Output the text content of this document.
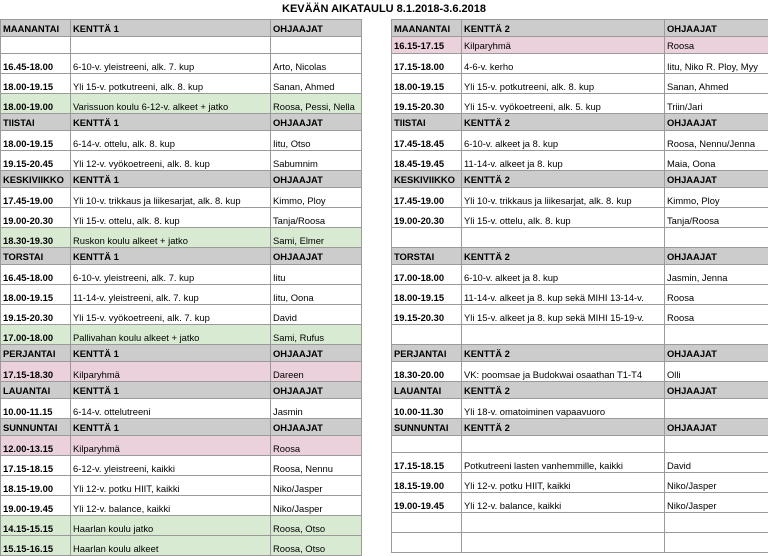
KEVÄÄN AIKATAULU 8.1.2018-3.6.2018
MAANANTAI	KENTTÄ 1	OHJAAJAT

16.45-18.00	6-10-v. yleistreeni, alk. 7. kup	Arto, Nicolas
18.00-19.15	Yli 15-v. potkutreeni, alk. 8. kup	Sanan, Ahmed
18.00-19.00	Varissuon koulu 6-12-v. alkeet + jatko	Roosa, Pessi, Nella
TIISTAI	KENTTÄ 1	OHJAAJAT
18.00-19.15	6-14-v. ottelu, alk. 8. kup	Iitu, Otso
19.15-20.45	Yli 12-v. vyökoetreeni, alk. 8. kup	Sabumnim
KESKIVIIKKO	KENTTÄ 1	OHJAAJAT
17.45-19.00	Yli 10-v. trikkaus ja liikesarjat, alk. 8. kup	Kimmo, Ploy
19.00-20.30	Yli 15-v. ottelu, alk. 8. kup	Tanja/Roosa
18.30-19.30	Ruskon koulu alkeet + jatko	Sami, Elmer
TORSTAI	KENTTÄ 1	OHJAAJAT
16.45-18.00	6-10-v. yleistreeni, alk. 7. kup	Iitu
18.00-19.15	11-14-v. yleistreeni, alk. 7. kup	Iitu, Oona
19.15-20.30	Yli 15-v. vyökoetreeni, alk. 7. kup	David
17.00-18.00	Pallivahan koulu alkeet + jatko	Sami, Rufus
PERJANTAI	KENTTÄ 1	OHJAAJAT
17.15-18.30	Kilparyhmä	Dareen
LAUANTAI	KENTTÄ 1	OHJAAJAT
10.00-11.15	6-14-v. ottelutreeni	Jasmin
SUNNUNTAI	KENTTÄ 1	OHJAAJAT
12.00-13.15	Kilparyhmä	Roosa
17.15-18.15	6-12-v. yleistreeni, kaikki	Roosa, Nennu
18.15-19.00	Yli 12-v. potku HIIT, kaikki	Niko/Jasper
19.00-19.45	Yli 12-v. balance, kaikki	Niko/Jasper
14.15-15.15	Haarlan koulu jatko	Roosa, Otso
15.15-16.15	Haarlan koulu alkeet	Roosa, Otso
MAANANTAI	KENTTÄ 2	OHJAAJAT
16.15-17.15	Kilparyhmä	Roosa
17.15-18.00	4-6-v. kerho	Iitu, Niko R. Ploy, Myy
18.00-19.15	Yli 15-v. potkutreeni, alk. 8. kup	Sanan, Ahmed
19.15-20.30	Yli 15-v. vyökoetreeni, alk. 5. kup	Triin/Jari
TIISTAI	KENTTÄ 2	OHJAAJAT
17.45-18.45	6-10-v. alkeet ja 8. kup	Roosa, Nennu/Jenna
18.45-19.45	11-14-v. alkeet ja 8. kup	Maia, Oona
KESKIVIIKKO	KENTTÄ 2	OHJAAJAT
17.45-19.00	Yli 10-v. trikkaus ja liikesarjat, alk. 8. kup	Kimmo, Ploy
19.00-20.30	Yli 15-v. ottelu, alk. 8. kup	Tanja/Roosa

TORSTAI	KENTTÄ 2	OHJAAJAT
17.00-18.00	6-10-v. alkeet ja 8. kup	Jasmin, Jenna
18.00-19.15	11-14-v. alkeet ja 8. kup sekä MIHI 13-14-v.	Roosa
19.15-20.30	Yli 15-v. alkeet ja 8. kup sekä MIHI 15-19-v.	Roosa

PERJANTAI	KENTTÄ 2	OHJAAJAT
18.30-20.00	VK: poomsae ja Budokwai osaathan T1-T4	Olli
LAUANTAI	KENTTÄ 2	OHJAAJAT
10.00-11.30	Yli 18-v. omatoiminen vapaavuoro	
SUNNUNTAI	KENTTÄ 2	OHJAAJAT

17.15-18.15	Potkutreeni lasten vanhemmille, kaikki	David
18.15-19.00	Yli 12-v. potku HIIT, kaikki	Niko/Jasper
19.00-19.45	Yli 12-v. balance, kaikki	Niko/Jasper
